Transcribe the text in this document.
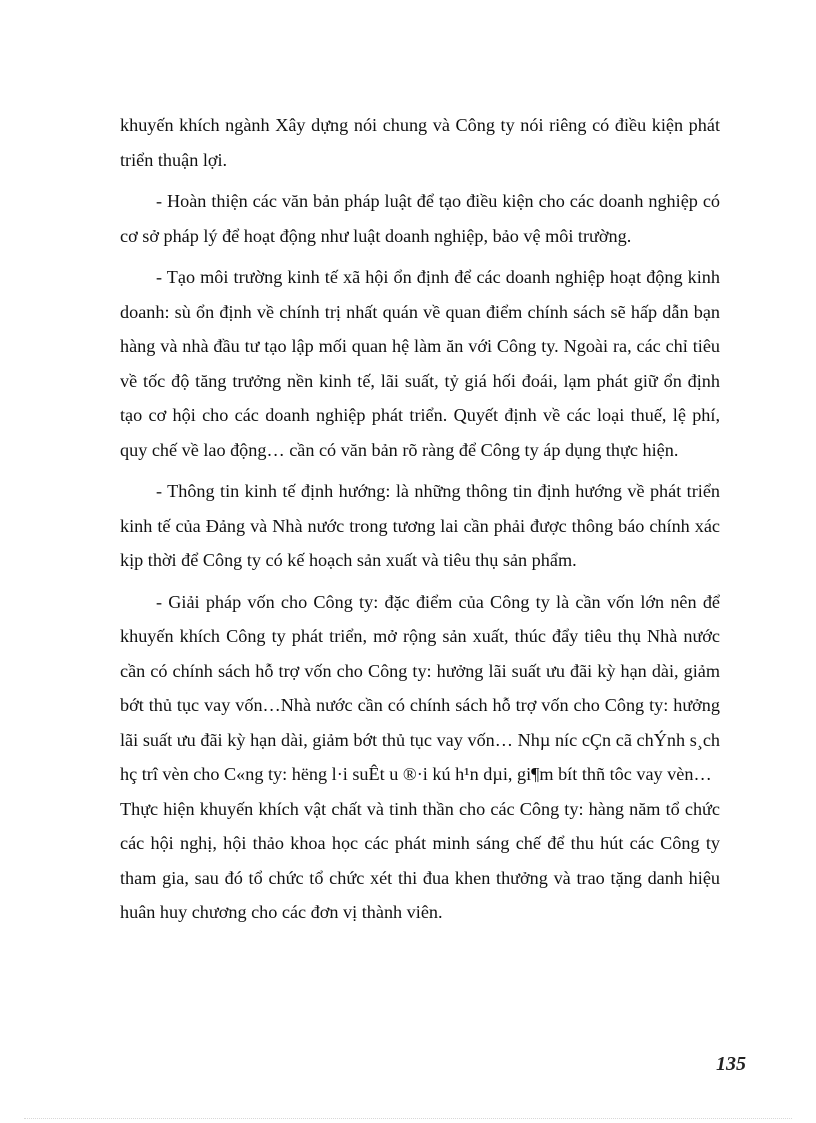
khuyến khích ngành Xây dựng nói chung và Công ty nói riêng có điều kiện phát triển thuận lợi.

- Hoàn thiện các văn bản pháp luật để tạo điều kiện cho các doanh nghiệp có cơ sở pháp lý để hoạt động như luật doanh nghiệp, bảo vệ môi trường.

- Tạo môi trường kinh tế xã hội ổn định để các doanh nghiệp hoạt động kinh doanh: sù ổn định về chính trị nhất quán về quan điểm chính sách sẽ hấp dẫn bạn hàng và nhà đầu tư tạo lập mối quan hệ làm ăn với Công ty. Ngoài ra, các chỉ tiêu về tốc độ tăng trưởng nền kinh tế, lãi suất, tỷ giá hối đoái, lạm phát giữ ổn định tạo cơ hội cho các doanh nghiệp phát triển. Quyết định về các loại thuế, lệ phí, quy chế về lao động… cần có văn bản rõ ràng để Công ty áp dụng thực hiện.

- Thông tin kinh tế định hướng: là những thông tin định hướng về phát triển kinh tế của Đảng và Nhà nước trong tương lai cần phải được thông báo chính xác kịp thời để Công ty có kế hoạch sản xuất và tiêu thụ sản phẩm.

- Giải pháp vốn cho Công ty: đặc điểm của Công ty là cần vốn lớn nên để khuyến khích Công ty phát triển, mở rộng sản xuất, thúc đẩy tiêu thụ Nhà nước cần có chính sách hỗ trợ vốn cho Công ty: hưởng lãi suất ưu đãi kỳ hạn dài, giảm bớt thủ tục vay vốn…Nhà nước cần có chính sách hỗ trợ vốn cho Công ty: hưởng lãi suất ưu đãi kỳ hạn dài, giảm bớt thủ tục vay vốn… Nhµ níc cÇn cã chÝnh s¸ch hç trî vèn cho C«ng ty: hëng l·i suÊt u ®·i kú h¹n dµi, gi¶m bít thñ tôc vay vèn…

Thực hiện khuyến khích vật chất và tinh thần cho các Công ty: hàng năm tổ chức các hội nghị, hội thảo khoa học các phát minh sáng chế để thu hút các Công ty tham gia, sau đó tổ chức tổ chức xét thi đua khen thưởng và trao tặng danh hiệu huân huy chương cho các đơn vị thành viên.

135
